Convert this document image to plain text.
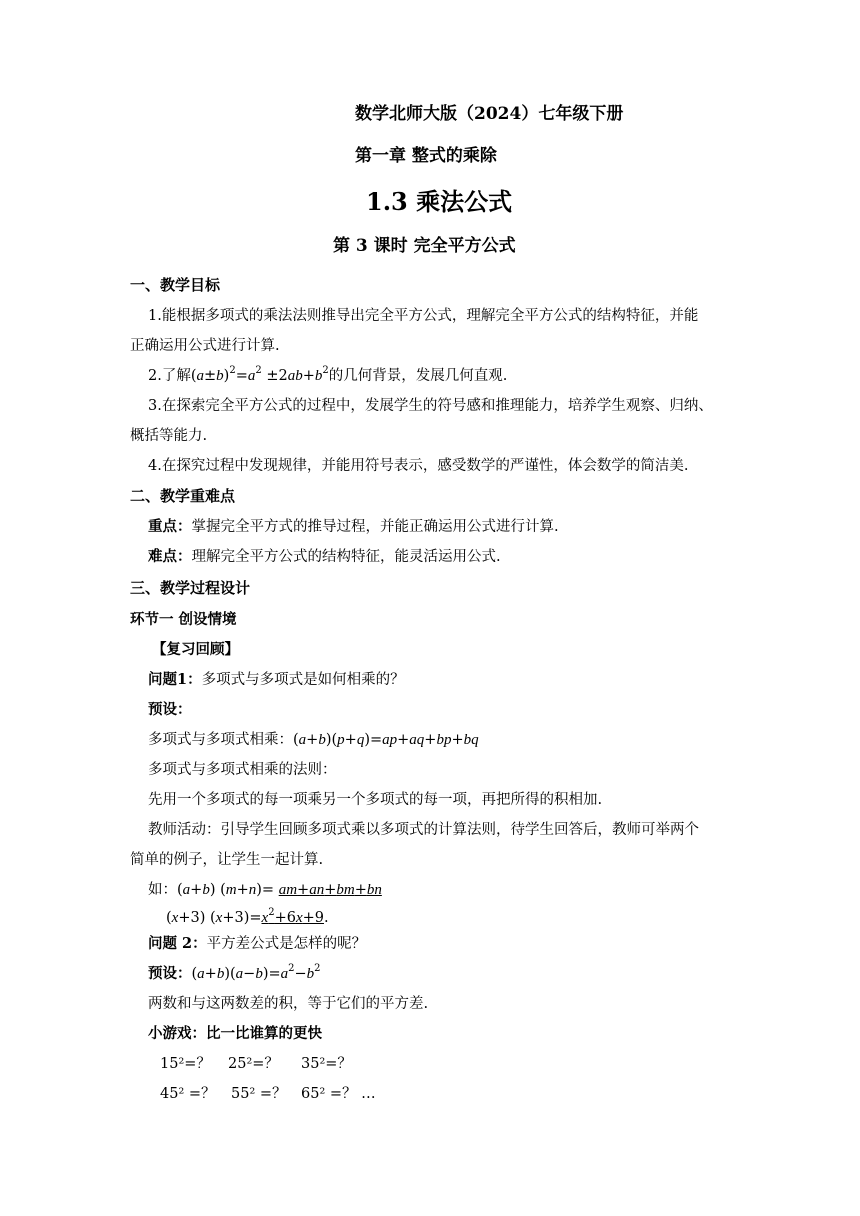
数学北师大版（2024）七年级下册
第一章 整式的乘除
1.3 乘法公式
第 3 课时 完全平方公式
一、教学目标
1.能根据多项式的乘法法则推导出完全平方公式，理解完全平方公式的结构特征，并能
正确运用公式进行计算.
2.了解$(a\pm b)^2=a^2 \pm 2ab+b^2$的几何背景，发展几何直观.
3.在探索完全平方公式的过程中，发展学生的符号感和推理能力，培养学生观察、归纳、
概括等能力.
4.在探究过程中发现规律，并能用符号表示，感受数学的严谨性，体会数学的简洁美.
二、教学重难点
重点：掌握完全平方式的推导过程，并能正确运用公式进行计算.
难点：理解完全平方公式的结构特征，能灵活运用公式.
三、教学过程设计
环节一 创设情境
【复习回顾】
问题1：多项式与多项式是如何相乘的？
预设：
多项式与多项式相乘：(a+b)(p+q)=ap+aq+bp+bq
多项式与多项式相乘的法则：
先用一个多项式的每一项乘另一个多项式的每一项，再把所得的积相加.
教师活动：引导学生回顾多项式乘以多项式的计算法则，待学生回答后，教师可举两个
简单的例子，让学生一起计算.
如：(a+b) (m+n)= am+an+bm+bn
(x+3) $(x+3)=x^2+6x+9$.
问题 2：平方差公式是怎样的呢？
预设：$(a+b)(a-b)=a^2-b^2$
两数和与这两数差的积，等于它们的平方差.
小游戏：比一比谁算的更快
15²=？ 25²=？ 35²=？
45² =？ 55² =？ 65² =？ …
